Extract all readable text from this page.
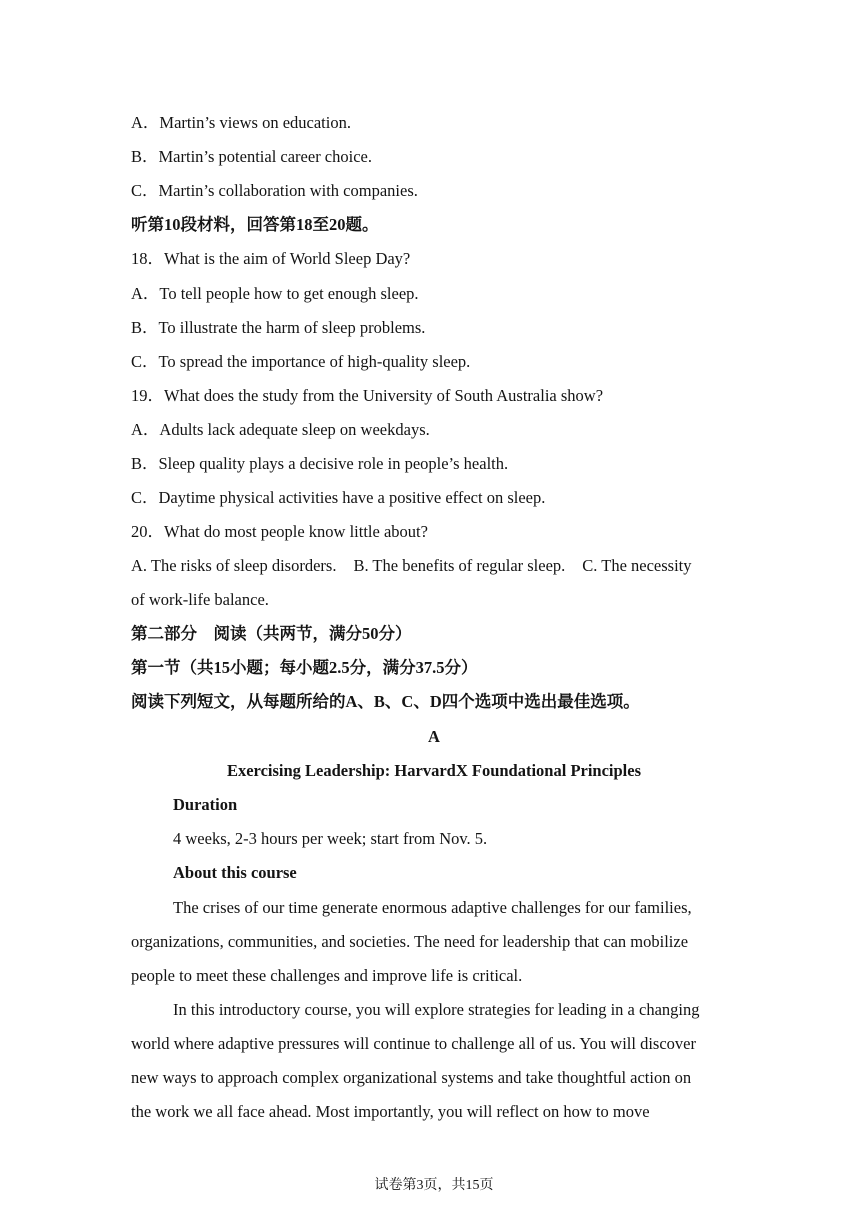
A．Martin’s views on education.
B．Martin’s potential career choice.
C．Martin’s collaboration with companies.
听第10段材料，回答第18至20题。
18．What is the aim of World Sleep Day?
A．To tell people how to get enough sleep.
B．To illustrate the harm of sleep problems.
C．To spread the importance of high-quality sleep.
19．What does the study from the University of South Australia show?
A．Adults lack adequate sleep on weekdays.
B．Sleep quality plays a decisive role in people’s health.
C．Daytime physical activities have a positive effect on sleep.
20．What do most people know little about?
A. The risks of sleep disorders. B. The benefits of regular sleep. C. The necessity
of work-life balance.
第二部分　阅读（共两节，满分50分）
第一节（共15小题；每小题2.5分，满分37.5分）
阅读下列短文，从每题所给的A、B、C、D四个选项中选出最佳选项。
A
Exercising Leadership: HarvardX Foundational Principles
Duration
4 weeks, 2-3 hours per week; start from Nov. 5.
About this course
The crises of our time generate enormous adaptive challenges for our families,
organizations, communities, and societies. The need for leadership that can mobilize
people to meet these challenges and improve life is critical.
In this introductory course, you will explore strategies for leading in a changing
world where adaptive pressures will continue to challenge all of us. You will discover
new ways to approach complex organizational systems and take thoughtful action on
the work we all face ahead. Most importantly, you will reflect on how to move
试卷第3页，共15页
